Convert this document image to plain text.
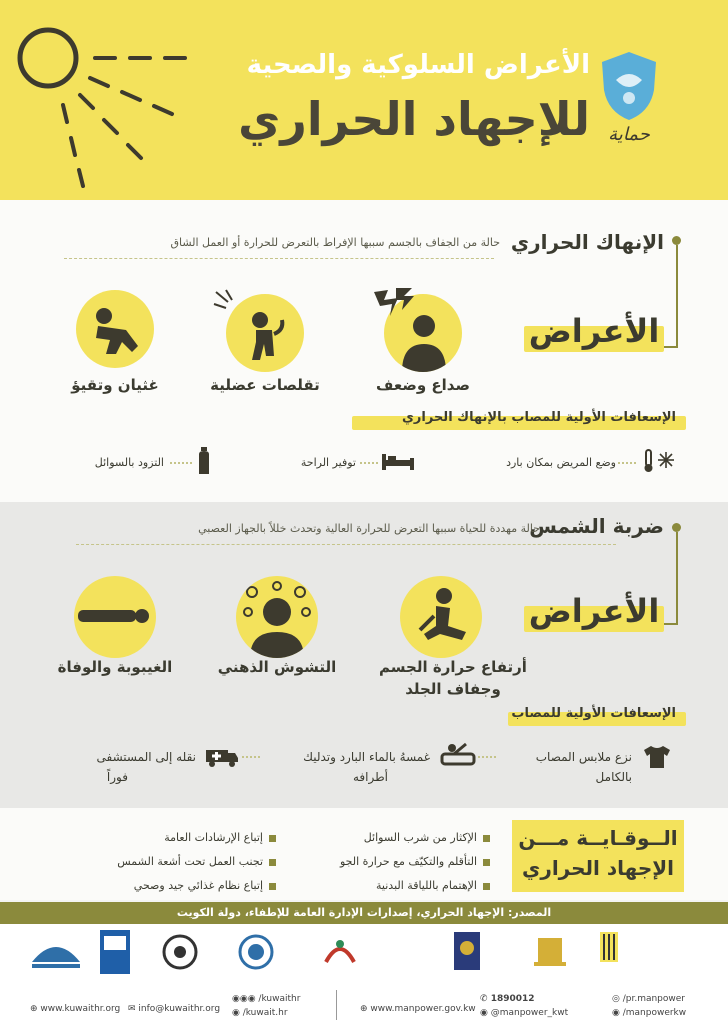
الأعراض السلوكية والصحية
للإجهاد الحراري	حماية
الإنهاك الحراري
حالة من الجفاف بالجسم سببها الإفراط بالتعرض للحرارة أو العمل الشاق
الأعراض
صداع وضعف
تقلصات عضلية
غثيان وتقيؤ
الإسعافات الأولية للمصاب بالإنهاك الحراري
وضع المريض بمكان بارد
توفير الراحة
التزود بالسوائل
ضربة الشمس
حالة مهددة للحياة سببها التعرض للحرارة العالية وتحدث خللاً بالجهاز العصبي
الأعراض
أرتفاع حرارة الجسم
وجفاف الجلد
التشوش الذهني
الغيبوبة والوفاة
الإسعافات الأولية للمصاب
نزع ملابس المصاب
بالكامل
غمسهُ بالماء البارد وتدليك
أطرافه
نقله إلى المستشفى
فوراً
الــوقـايــة مـــن
الإجهاد الحراري
الإكثار من شرب السوائل
التأقلم والتكيّف مع حرارة الجو
الإهتمام باللياقة البدنية
إتباع الإرشادات العامة
تجنب العمل تحت أشعة الشمس
إتباع نظام غذائي جيد وصحي
المصدر: الإجهاد الحراري، إصدارات الإدارة العامة للإطفاء، دولة الكويت
⊕ www.kuwaithr.org ✉ info@kuwaithr.org
◉◉◉ /kuwaithr
◉ /kuwait.hr	⊕ www.manpower.gov.kw
✆ 1890012
◉ @manpower_kwt
◎ /pr.manpower
◉ /manpowerkw
